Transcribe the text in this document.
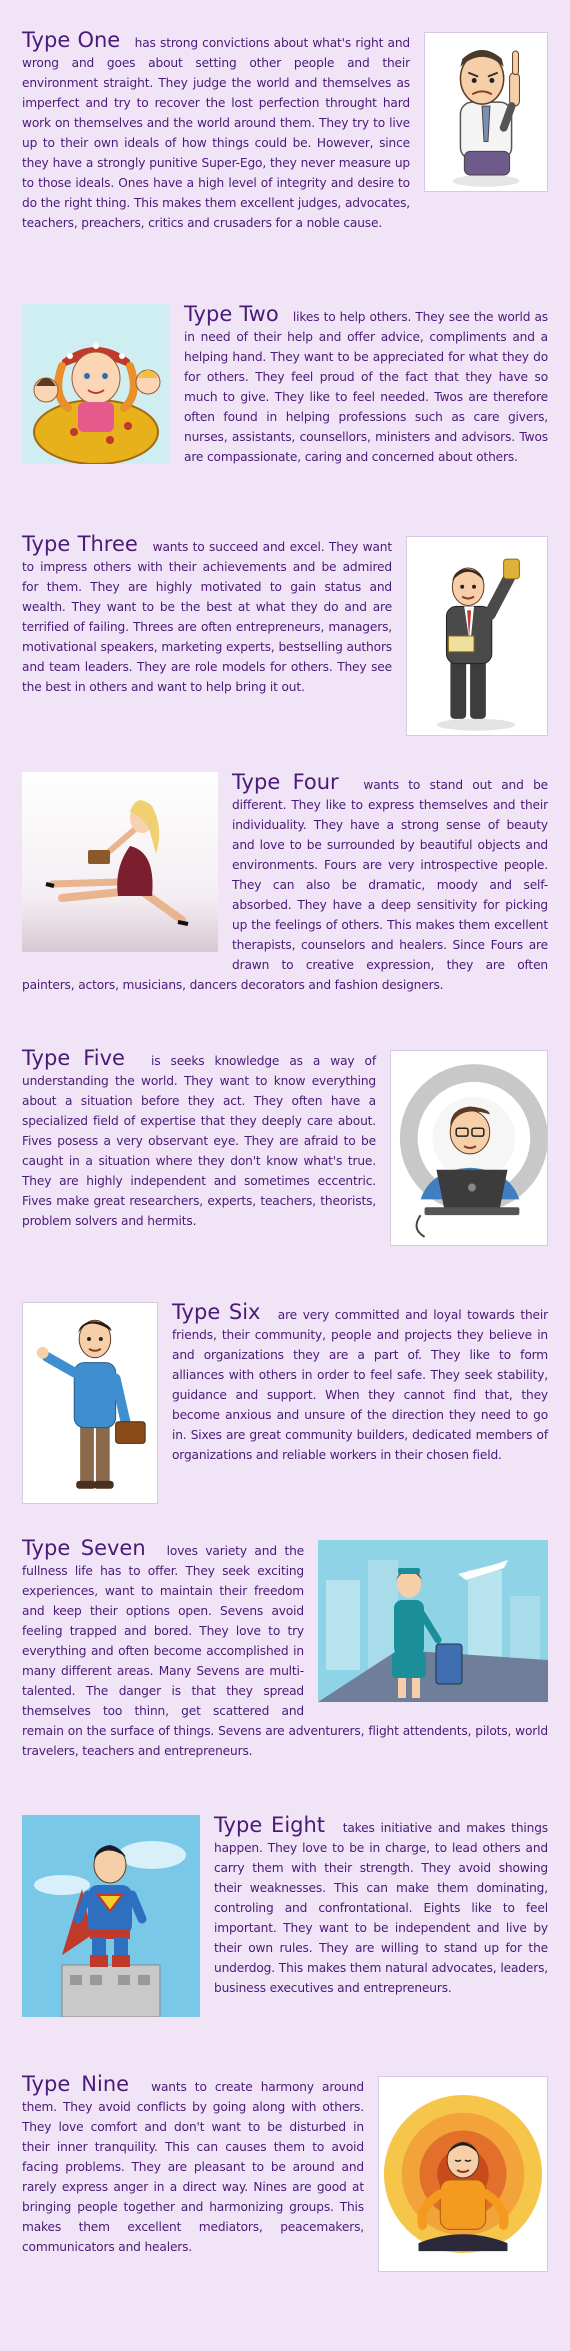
Type One  has strong convictions about what's right and wrong and goes about setting other people and their environment straight. They judge the world and themselves as imperfect and try to recover the lost perfection throught hard work on themselves and the world around them. They try to live up to their own ideals of how things could be. However, since they have a strongly punitive Super-Ego, they never measure up to those ideals. Ones have a high level of integrity and desire to do the right thing. This makes them excellent judges, advocates, teachers, preachers, critics and crusaders for a noble cause.
Type Two  likes to help others. They see the world as in need of their help and offer advice, compliments and a helping hand. They want to be appreciated for what they do for others. They feel proud of the fact that they have so much to give. They like to feel needed. Twos are therefore often found in helping professions such as care givers, nurses, assistants, counsellors, ministers and advisors. Twos are compassionate, caring and concerned about others.
Type Three  wants to succeed and excel. They want to impress others with their achievements and be admired for them. They are highly motivated to gain status and wealth. They want to be the best at what they do and are terrified of failing. Threes are often entrepreneurs, managers, motivational speakers, marketing experts, bestselling authors and team leaders. They are role models for others. They see the best in others and want to help bring it out.
Type Four  wants to stand out and be different. They like to express themselves and their individuality. They have a strong sense of beauty and love to be surrounded by beautiful objects and environments. Fours are very introspective people. They can also be dramatic, moody and self-absorbed. They have a deep sensitivity for picking up the feelings of others. This makes them excellent therapists, counselors and healers. Since Fours are drawn to creative expression, they are often painters, actors, musicians, dancers decorators and fashion designers.
Type Five  is seeks knowledge as a way of understanding the world. They want to know everything about a situation before they act. They often have a specialized field of expertise that they deeply care about. Fives posess a very observant eye. They are afraid to be caught in a situation where they don't know what's true. They are highly independent and sometimes eccentric. Fives make great researchers, experts, teachers, theorists, problem solvers and hermits.
Type Six  are very committed and loyal towards their friends, their community, people and projects they believe in and organizations they are a part of. They like to form alliances with others in order to feel safe. They seek stability, guidance and support. When they cannot find that, they become anxious and unsure of the direction they need to go in. Sixes are great community builders, dedicated members of organizations and reliable workers in their chosen field.
Type Seven  loves variety and the fullness life has to offer. They seek exciting experiences, want to maintain their freedom and keep their options open. Sevens avoid feeling trapped and bored. They love to try everything and often become accomplished in many different areas. Many Sevens are multi-talented. The danger is that they spread themselves too thinn, get scattered and remain on the surface of things. Sevens are adventurers, flight attendents, pilots, world travelers, teachers and entrepreneurs.
Type Eight  takes initiative and makes things happen. They love to be in charge, to lead others and carry them with their strength. They avoid showing their weaknesses. This can make them dominating, controling and confrontational. Eights like to feel important. They want to be independent and live by their own rules. They are willing to stand up for the underdog. This makes them natural advocates, leaders, business executives and entrepreneurs.
Type Nine  wants to create harmony around them. They avoid conflicts by going along with others. They love comfort and don't want to be disturbed in their inner tranquility. This can causes them to avoid facing problems. They are pleasant to be around and rarely express anger in a direct way. Nines are good at bringing people together and harmonizing groups. This makes them excellent mediators, peacemakers, communicators and healers.
